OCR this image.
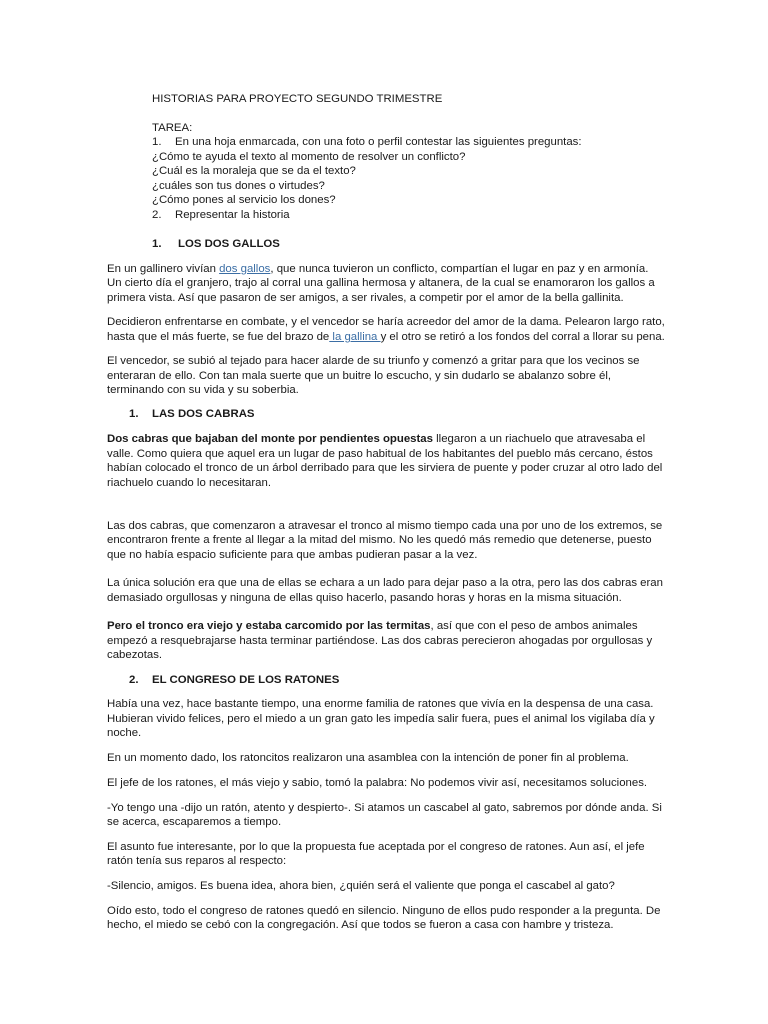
HISTORIAS PARA PROYECTO SEGUNDO TRIMESTRE
TAREA:
1. En una hoja enmarcada, con una foto o perfil contestar las siguientes preguntas:
¿Cómo te ayuda el texto al momento de resolver un conflicto?
¿Cuál es la moraleja que se da el texto?
¿cuáles son tus dones o virtudes?
¿Cómo pones al servicio los dones?
2. Representar la historia
1. LOS DOS GALLOS
En un gallinero vivían dos gallos, que nunca tuvieron un conflicto, compartían el lugar en paz y en armonía.
Un cierto día el granjero, trajo al corral una gallina hermosa y altanera, de la cual se enamoraron los gallos a
primera vista. Así que pasaron de ser amigos, a ser rivales, a competir por el amor de la bella gallinita.
Decidieron enfrentarse en combate, y el vencedor se haría acreedor del amor de la dama. Pelearon largo rato,
hasta que el más fuerte, se fue del brazo de la gallina y el otro se retiró a los fondos del corral a llorar su pena.
El vencedor, se subió al tejado para hacer alarde de su triunfo y comenzó a gritar para que los vecinos se
enteraran de ello. Con tan mala suerte que un buitre lo escucho, y sin dudarlo se abalanzo sobre él,
terminando con su vida y su soberbia.
1. LAS DOS CABRAS
Dos cabras que bajaban del monte por pendientes opuestas llegaron a un riachuelo que atravesaba el
valle. Como quiera que aquel era un lugar de paso habitual de los habitantes del pueblo más cercano, éstos
habían colocado el tronco de un árbol derribado para que les sirviera de puente y poder cruzar al otro lado del
riachuelo cuando lo necesitaran.
Las dos cabras, que comenzaron a atravesar el tronco al mismo tiempo cada una por uno de los extremos, se
encontraron frente a frente al llegar a la mitad del mismo. No les quedó más remedio que detenerse, puesto
que no había espacio suficiente para que ambas pudieran pasar a la vez.
La única solución era que una de ellas se echara a un lado para dejar paso a la otra, pero las dos cabras eran
demasiado orgullosas y ninguna de ellas quiso hacerlo, pasando horas y horas en la misma situación.
Pero el tronco era viejo y estaba carcomido por las termitas, así que con el peso de ambos animales
empezó a resquebrajarse hasta terminar partiéndose. Las dos cabras perecieron ahogadas por orgullosas y
cabezotas.
2. EL CONGRESO DE LOS RATONES
Había una vez, hace bastante tiempo, una enorme familia de ratones que vivía en la despensa de una casa.
Hubieran vivido felices, pero el miedo a un gran gato les impedía salir fuera, pues el animal los vigilaba día y
noche.
En un momento dado, los ratoncitos realizaron una asamblea con la intención de poner fin al problema.
El jefe de los ratones, el más viejo y sabio, tomó la palabra: No podemos vivir así, necesitamos soluciones.
-Yo tengo una -dijo un ratón, atento y despierto-. Si atamos un cascabel al gato, sabremos por dónde anda. Si
se acerca, escaparemos a tiempo.
El asunto fue interesante, por lo que la propuesta fue aceptada por el congreso de ratones. Aun así, el jefe
ratón tenía sus reparos al respecto:
-Silencio, amigos. Es buena idea, ahora bien, ¿quién será el valiente que ponga el cascabel al gato?
Oído esto, todo el congreso de ratones quedó en silencio. Ninguno de ellos pudo responder a la pregunta. De
hecho, el miedo se cebó con la congregación. Así que todos se fueron a casa con hambre y tristeza.
